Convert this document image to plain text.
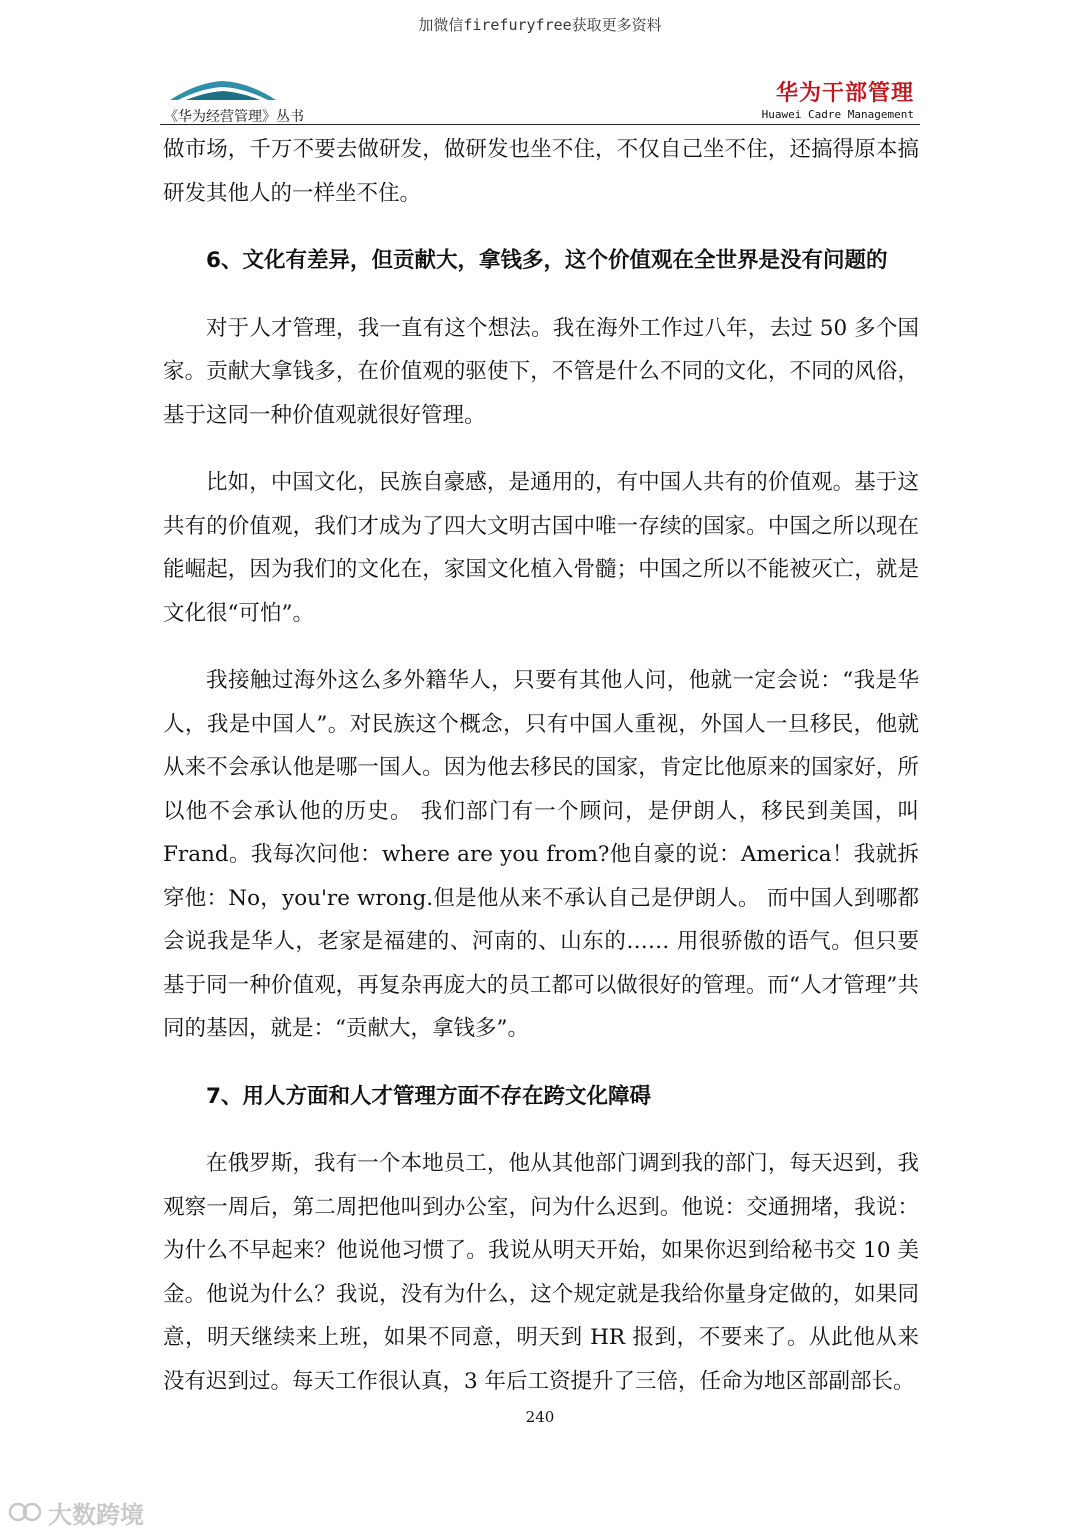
加微信firefuryfree获取更多资料
《华为经营管理》丛书
华为干部管理
Huawei Cadre Management

做市场，千万不要去做研发，做研发也坐不住，不仅自己坐不住，还搞得原本搞研发其他人的一样坐不住。

6、文化有差异，但贡献大，拿钱多，这个价值观在全世界是没有问题的

对于人才管理，我一直有这个想法。我在海外工作过八年，去过 50 多个国家。贡献大拿钱多，在价值观的驱使下，不管是什么不同的文化，不同的风俗，基于这同一种价值观就很好管理。

比如，中国文化，民族自豪感，是通用的，有中国人共有的价值观。基于这共有的价值观，我们才成为了四大文明古国中唯一存续的国家。中国之所以现在能崛起，因为我们的文化在，家国文化植入骨髓；中国之所以不能被灭亡，就是文化很“可怕”。

我接触过海外这么多外籍华人，只要有其他人问，他就一定会说：“我是华人，我是中国人”。对民族这个概念，只有中国人重视，外国人一旦移民，他就从来不会承认他是哪一国人。因为他去移民的国家，肯定比他原来的国家好，所以他不会承认他的历史。 我们部门有一个顾问，是伊朗人，移民到美国，叫Frand。我每次问他：where are you from?他自豪的说：America！我就拆穿他：No，you're wrong.但是他从来不承认自己是伊朗人。 而中国人到哪都会说我是华人，老家是福建的、河南的、山东的…… 用很骄傲的语气。但只要基于同一种价值观，再复杂再庞大的员工都可以做很好的管理。而“人才管理”共同的基因，就是：“贡献大，拿钱多”。

7、用人方面和人才管理方面不存在跨文化障碍

在俄罗斯，我有一个本地员工，他从其他部门调到我的部门，每天迟到，我观察一周后，第二周把他叫到办公室，问为什么迟到。他说：交通拥堵，我说：为什么不早起来？他说他习惯了。我说从明天开始，如果你迟到给秘书交 10 美金。他说为什么？我说，没有为什么，这个规定就是我给你量身定做的，如果同意，明天继续来上班，如果不同意，明天到 HR 报到，不要来了。从此他从来没有迟到过。每天工作很认真，3 年后工资提升了三倍，任命为地区部副部长。

240
大数跨境
